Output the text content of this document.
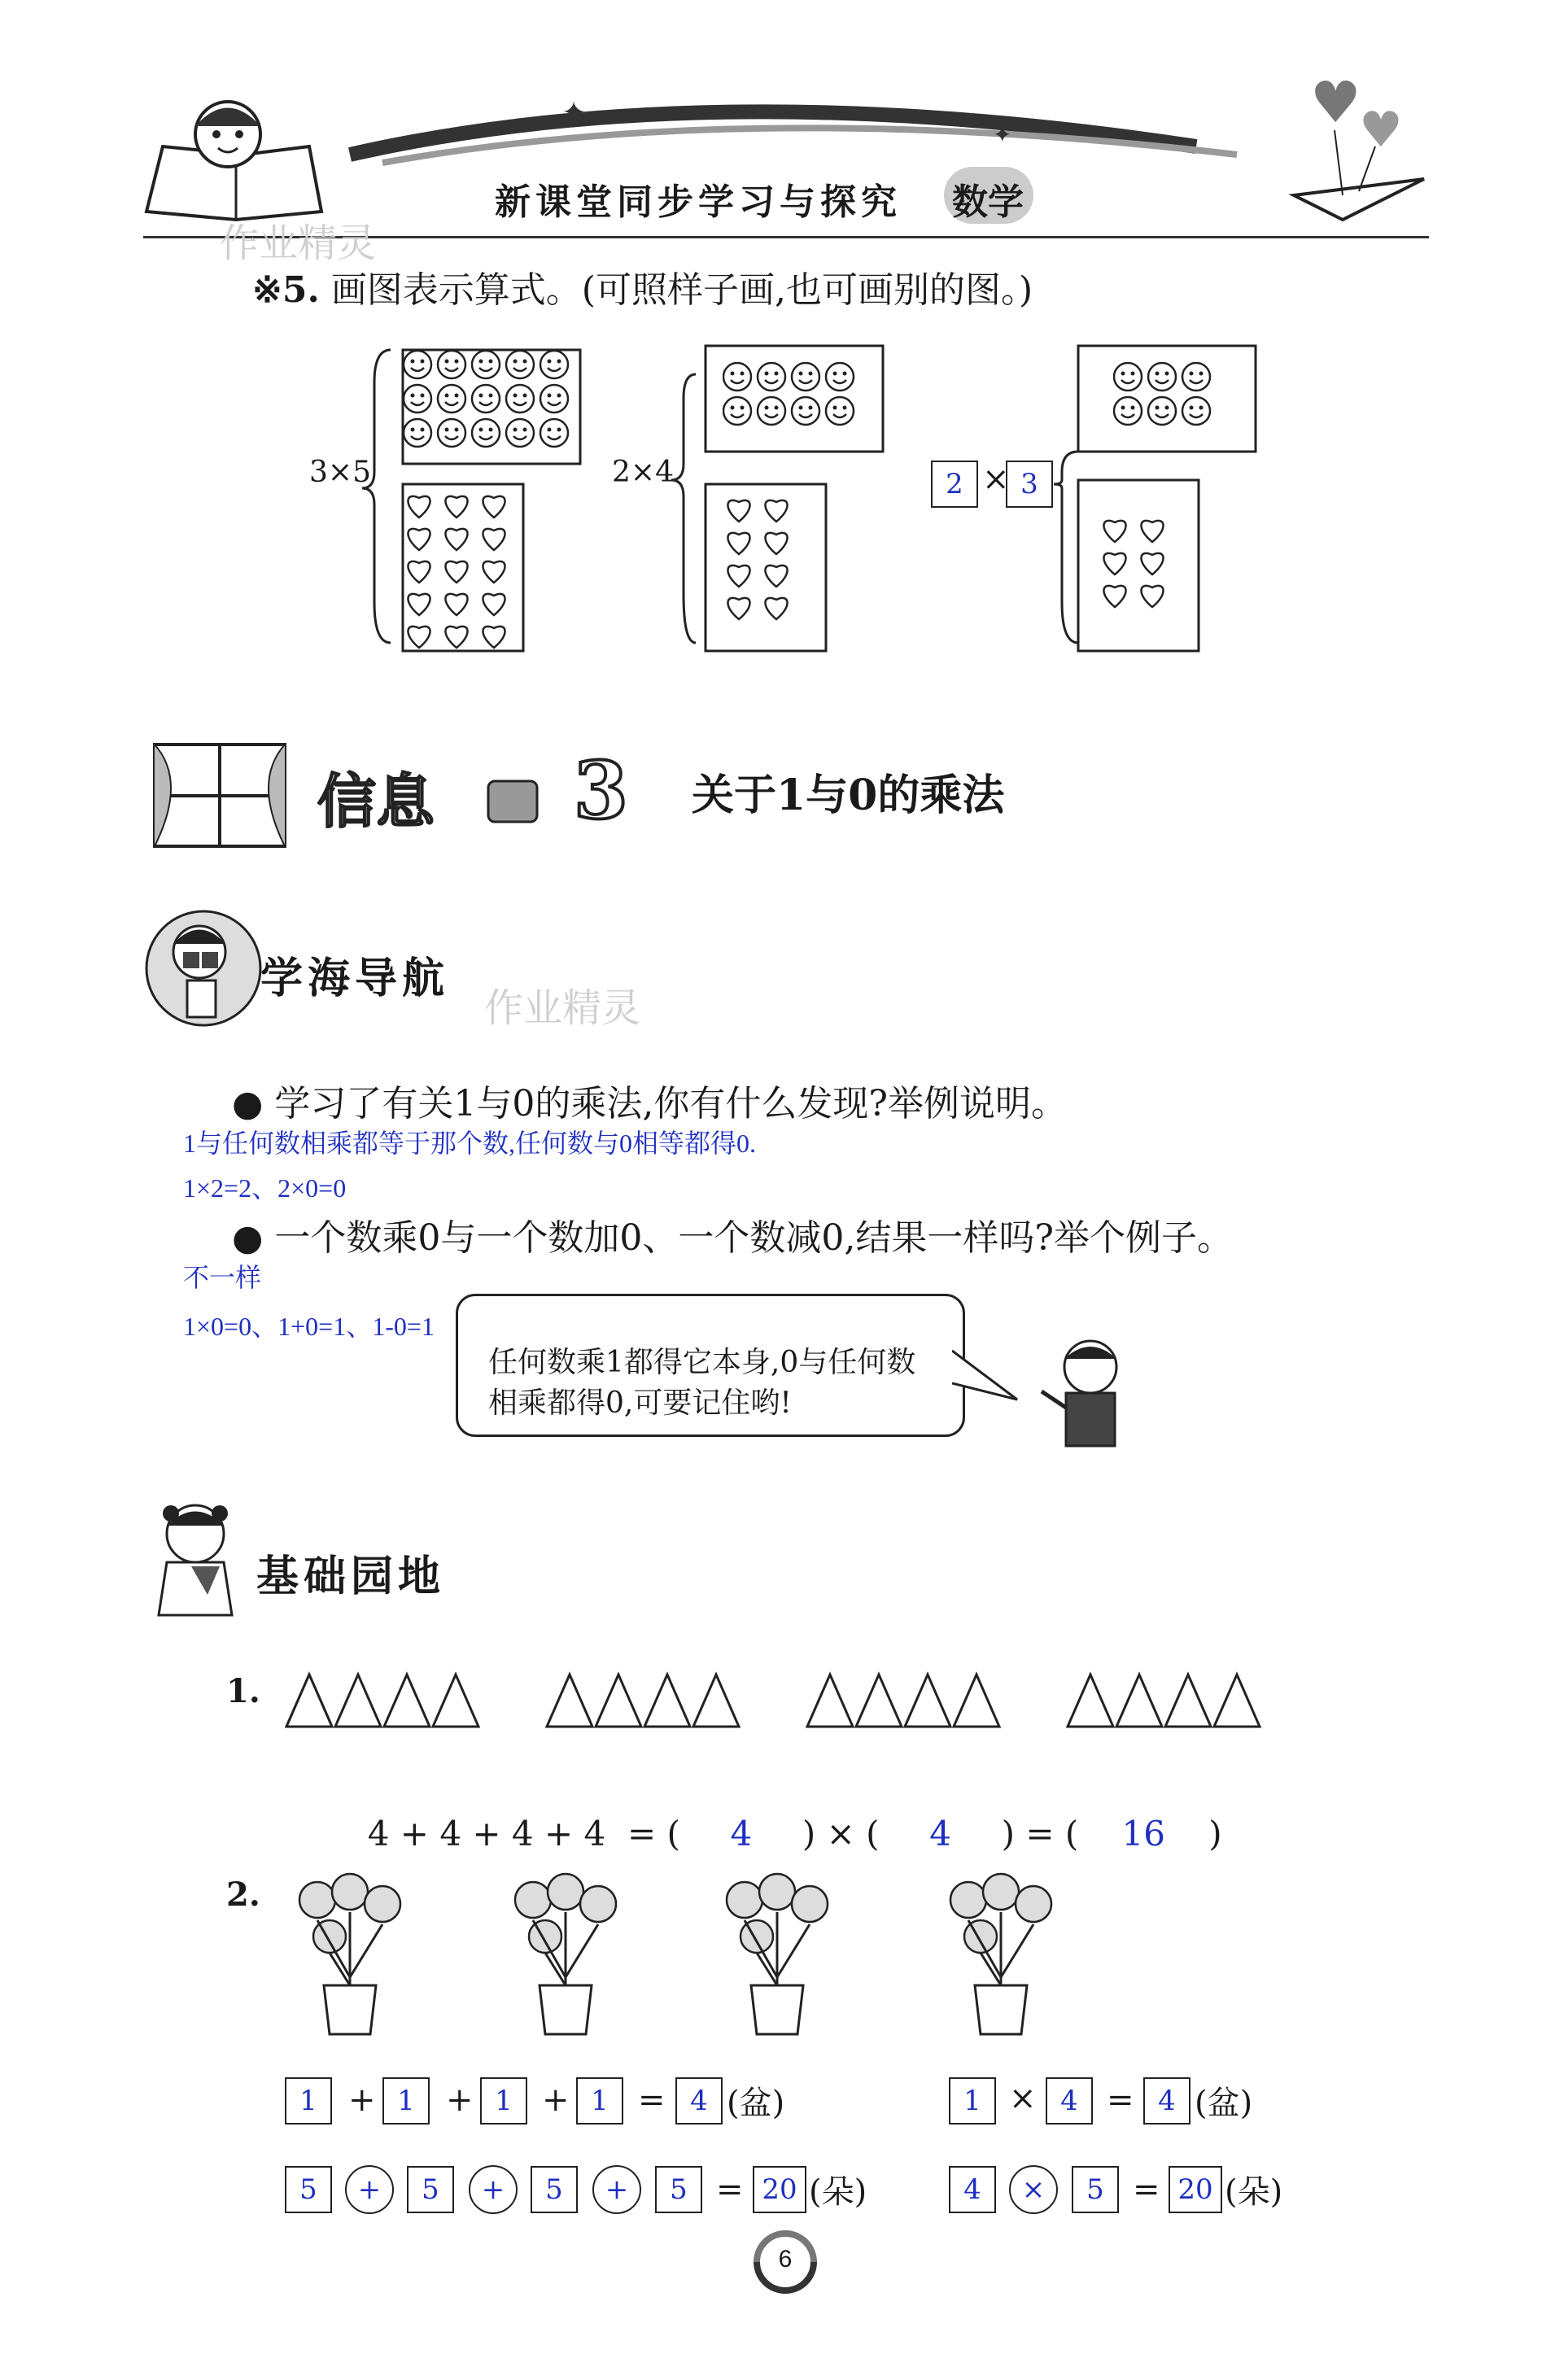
✦
✦	♥
♥
新课堂同步学习与探究 数学
作业精灵
※5. 画图表示算式。(可照样子画,也可画别的图。)
3×5	2×4	2 × 3
信息 3 关于1与0的乘法
学海导航
作业精灵
● 学习了有关1与0的乘法,你有什么发现?举例说明。
1与任何数相乘都等于那个数,任何数与0相等都得0.
1×2=2、2×0=0
● 一个数乘0与一个数加0、一个数减0,结果一样吗?举个例子。
不一样
1×0=0、1+0=1、1-0=1
任何数乘1都得它本身,0与任何数相乘都得0,可要记住哟!
基础园地
1.

4 + 4 + 4 + 4  = ( 4 ) × ( 4 ) = ( 16 )

2.
1 + 1 + 1 + 1 = 4 (盆)	1 × 4 = 4 (盆)
5	+	5	+	5	+	5 = 20 (朵)	4	×	5 = 20 (朵)
6
